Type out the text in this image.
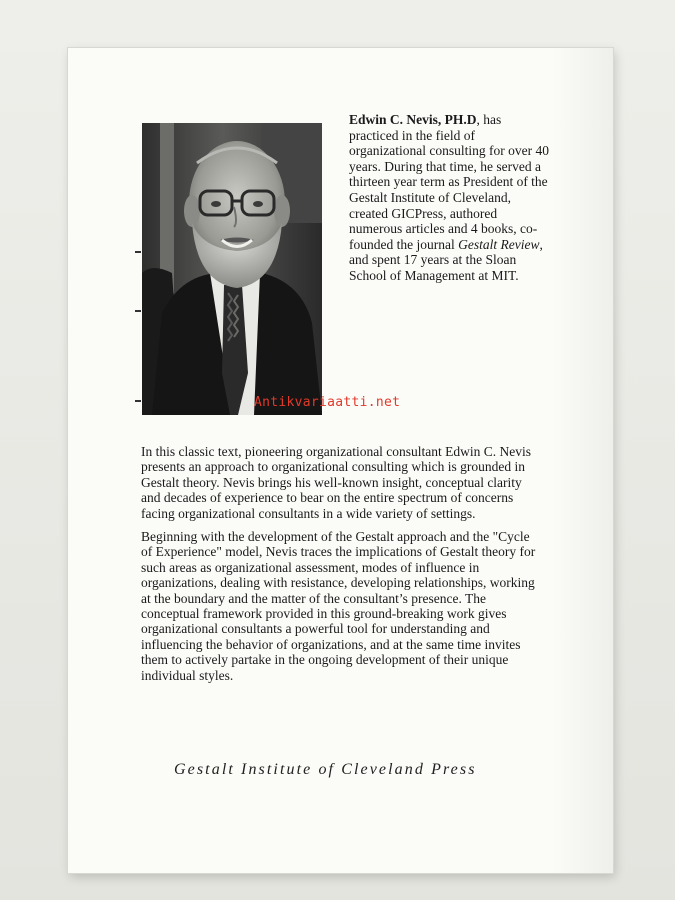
Edwin C. Nevis, PH.D, has practiced in the field of organizational consulting for over 40 years. During that time, he served a thirteen year term as President of the Gestalt Institute of Cleveland, created GICPress, authored numerous articles and 4 books, co-founded the journal Gestalt Review, and spent 17 years at the Sloan School of Management at MIT.
Antikvariaatti.net

In this classic text, pioneering organizational consultant Edwin C. Nevis presents an approach to organizational consulting which is grounded in Gestalt theory. Nevis brings his well-known insight, conceptual clarity and decades of experience to bear on the entire spectrum of concerns facing organizational consultants in a wide variety of settings.

Beginning with the development of the Gestalt approach and the "Cycle of Experience" model, Nevis traces the implications of Gestalt theory for such areas as organizational assessment, modes of influence in organizations, dealing with resistance, developing relationships, working at the boundary and the matter of the consultant’s presence. The conceptual framework provided in this ground-breaking work gives organizational consultants a powerful tool for understanding and influencing the behavior of organizations, and at the same time invites them to actively partake in the ongoing development of their unique individual styles.

Gestalt Institute of Cleveland Press
